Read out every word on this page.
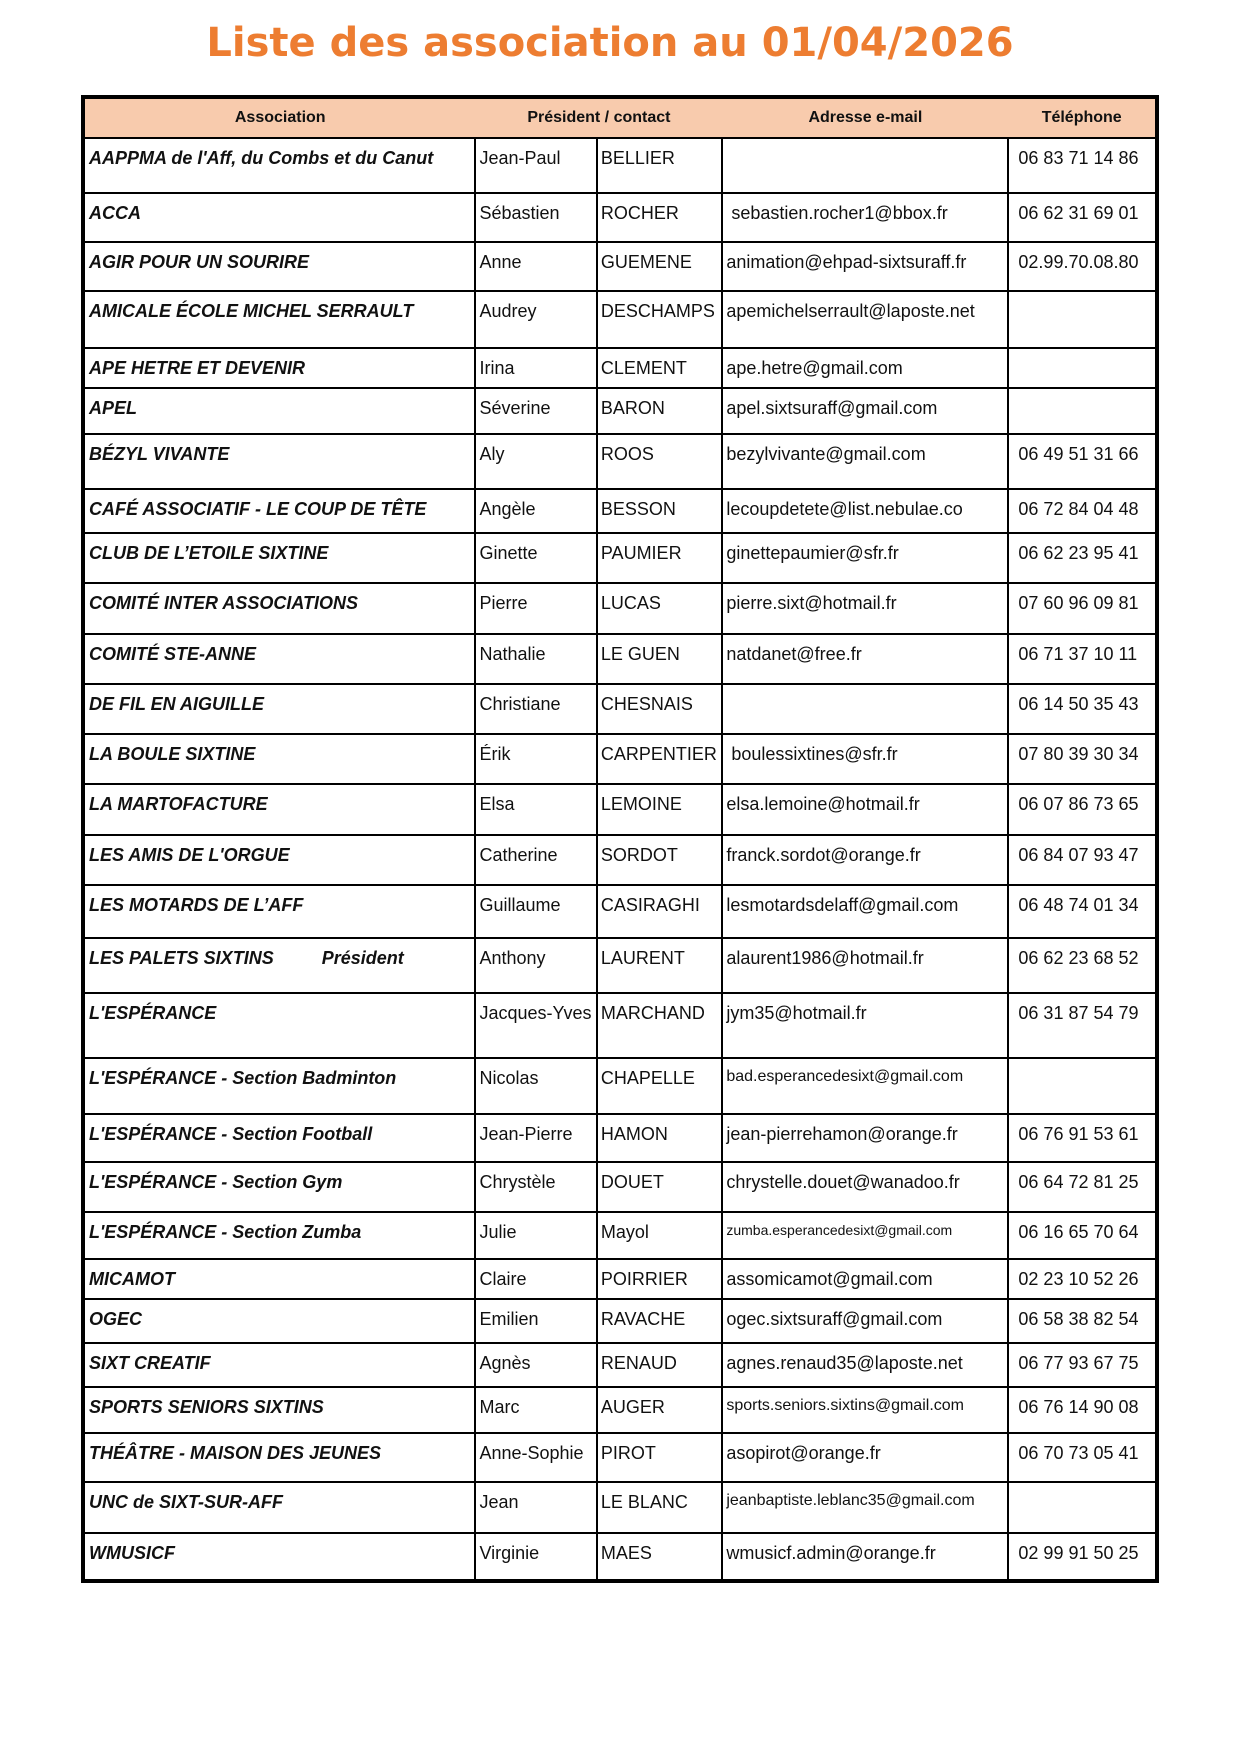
Liste des association au 01/04/2026
Association	Président / contact		Adresse e-mail	Téléphone
AAPPMA de l'Aff, du Combs et du Canut	Jean-Paul	BELLIER		06 83 71 14 86
ACCA	Sébastien	ROCHER	sebastien.rocher1@bbox.fr	06 62 31 69 01
AGIR POUR UN SOURIRE	Anne	GUEMENE	animation@ehpad-sixtsuraff.fr	02.99.70.08.80
AMICALE ÉCOLE MICHEL SERRAULT	Audrey	DESCHAMPS	apemichelserrault@laposte.net	
APE HETRE ET DEVENIR	Irina	CLEMENT	ape.hetre@gmail.com	
APEL	Séverine	BARON	apel.sixtsuraff@gmail.com	
BÉZYL VIVANTE	Aly	ROOS	bezylvivante@gmail.com	06 49 51 31 66
CAFÉ ASSOCIATIF - LE COUP DE TÊTE	Angèle	BESSON	lecoupdetete@list.nebulae.co	06 72 84 04 48
CLUB DE L’ETOILE SIXTINE	Ginette	PAUMIER	ginettepaumier@sfr.fr	06 62 23 95 41
COMITÉ INTER ASSOCIATIONS	Pierre	LUCAS	pierre.sixt@hotmail.fr	07 60 96 09 81
COMITÉ STE-ANNE	Nathalie	LE GUEN	natdanet@free.fr	06 71 37 10 11
DE FIL EN AIGUILLE	Christiane	CHESNAIS		06 14 50 35 43
LA BOULE SIXTINE	Érik	CARPENTIER	boulessixtines@sfr.fr	07 80 39 30 34
LA MARTOFACTURE	Elsa	LEMOINE	elsa.lemoine@hotmail.fr	06 07 86 73 65
LES AMIS DE L'ORGUE	Catherine	SORDOT	franck.sordot@orange.fr	06 84 07 93 47
LES MOTARDS DE L’AFF	Guillaume	CASIRAGHI	lesmotardsdelaff@gmail.com	06 48 74 01 34
LES PALETS SIXTINS Président	Anthony	LAURENT	alaurent1986@hotmail.fr	06 62 23 68 52
L'ESPÉRANCE	Jacques-Yves	MARCHAND	jym35@hotmail.fr	06 31 87 54 79
L'ESPÉRANCE - Section Badminton	Nicolas	CHAPELLE	bad.esperancedesixt@gmail.com	
L'ESPÉRANCE - Section Football	Jean-Pierre	HAMON	jean-pierrehamon@orange.fr	06 76 91 53 61
L'ESPÉRANCE - Section Gym	Chrystèle	DOUET	chrystelle.douet@wanadoo.fr	06 64 72 81 25
L'ESPÉRANCE - Section Zumba	Julie	Mayol	zumba.esperancedesixt@gmail.com	06 16 65 70 64
MICAMOT	Claire	POIRRIER	assomicamot@gmail.com	02 23 10 52 26
OGEC	Emilien	RAVACHE	ogec.sixtsuraff@gmail.com	06 58 38 82 54
SIXT CREATIF	Agnès	RENAUD	agnes.renaud35@laposte.net	06 77 93 67 75
SPORTS SENIORS SIXTINS	Marc	AUGER	sports.seniors.sixtins@gmail.com	06 76 14 90 08
THÉÂTRE - MAISON DES JEUNES	Anne-Sophie	PIROT	asopirot@orange.fr	06 70 73 05 41
UNC de SIXT-SUR-AFF	Jean	LE BLANC	jeanbaptiste.leblanc35@gmail.com	
WMUSICF	Virginie	MAES	wmusicf.admin@orange.fr	02 99 91 50 25
